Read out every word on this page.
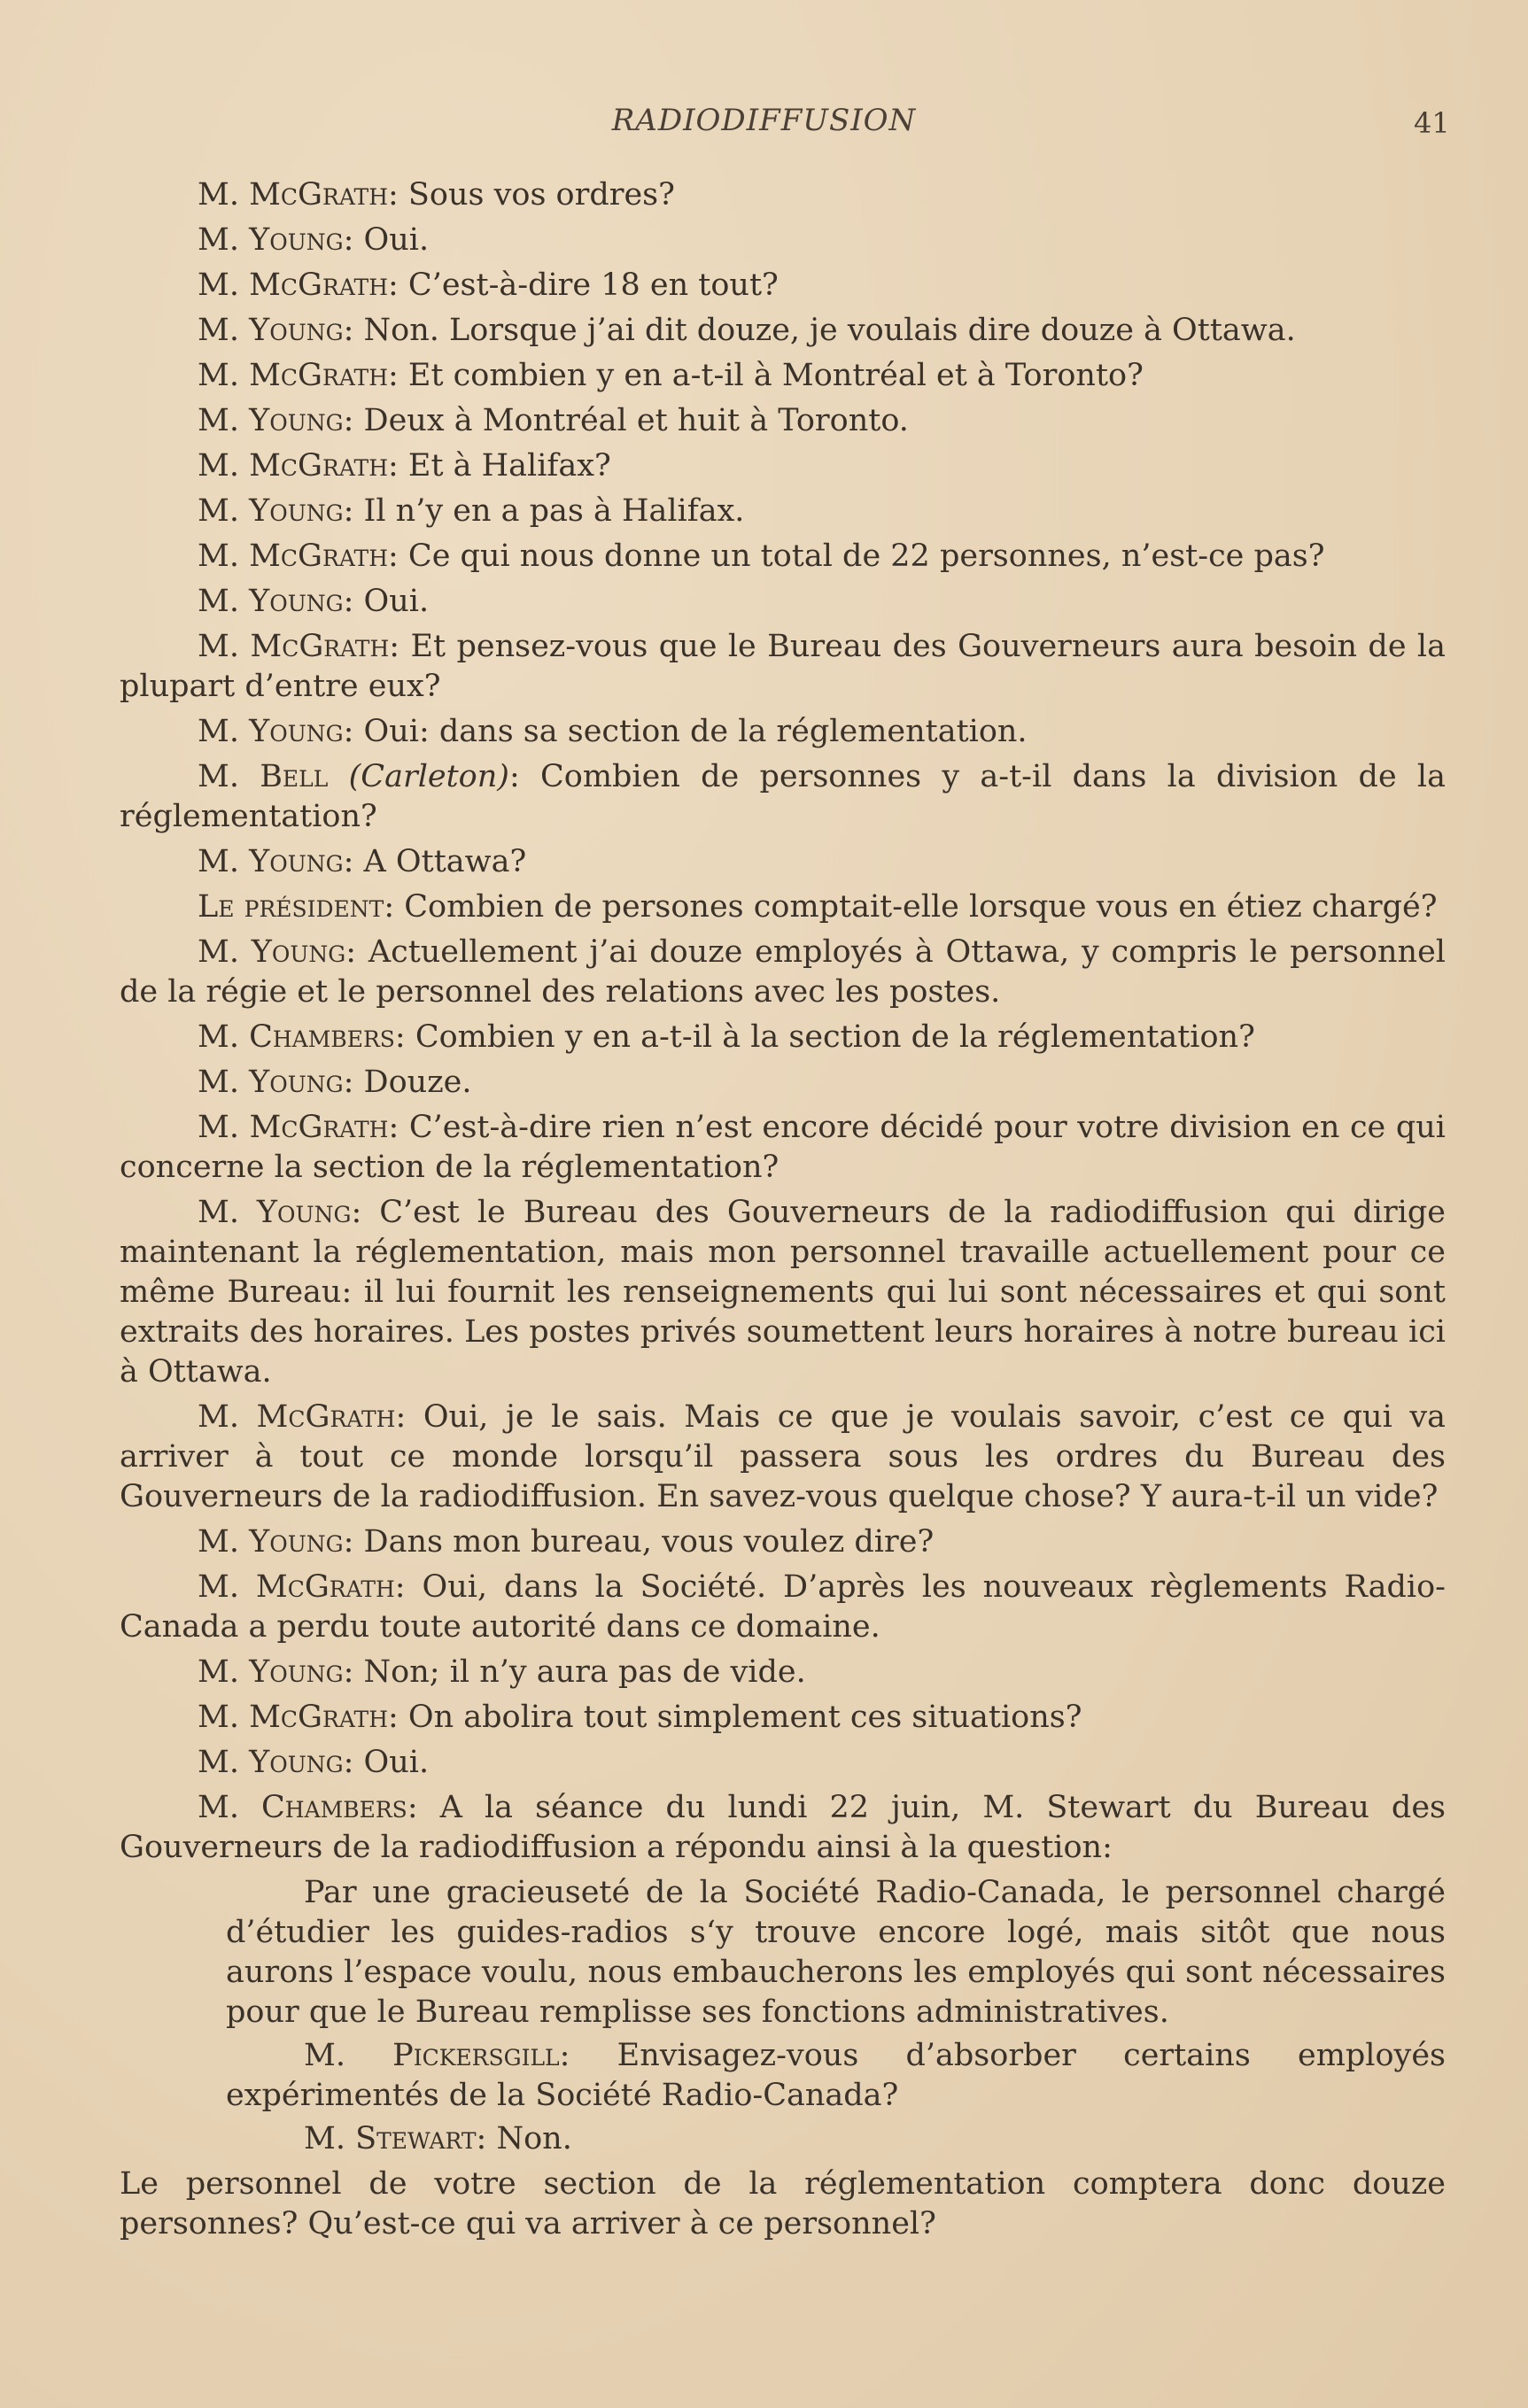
RADIODIFFUSION	41

M. McGrath: Sous vos ordres?

M. Young: Oui.

M. McGrath: C’est-à-dire 18 en tout?

M. Young: Non. Lorsque j’ai dit douze, je voulais dire douze à Ottawa.

M. McGrath: Et combien y en a-t-il à Montréal et à Toronto?

M. Young: Deux à Montréal et huit à Toronto.

M. McGrath: Et à Halifax?

M. Young: Il n’y en a pas à Halifax.

M. McGrath: Ce qui nous donne un total de 22 personnes, n’est-ce pas?

M. Young: Oui.

M. McGrath: Et pensez-vous que le Bureau des Gouverneurs aura besoin de la plupart d’entre eux?

M. Young: Oui: dans sa section de la réglementation.

M. Bell (Carleton): Combien de personnes y a-t-il dans la division de la réglementation?

M. Young: A Ottawa?

Le président: Combien de persones comptait-elle lorsque vous en étiez chargé?

M. Young: Actuellement j’ai douze employés à Ottawa, y compris le personnel de la régie et le personnel des relations avec les postes.

M. Chambers: Combien y en a-t-il à la section de la réglementation?

M. Young: Douze.

M. McGrath: C’est-à-dire rien n’est encore décidé pour votre division en ce qui concerne la section de la réglementation?

M. Young: C’est le Bureau des Gouverneurs de la radiodiffusion qui dirige maintenant la réglementation, mais mon personnel travaille actuellement pour ce même Bureau: il lui fournit les renseignements qui lui sont nécessaires et qui sont extraits des horaires. Les postes privés soumettent leurs horaires à notre bureau ici à Ottawa.

M. McGrath: Oui, je le sais. Mais ce que je voulais savoir, c’est ce qui va arriver à tout ce monde lorsqu’il passera sous les ordres du Bureau des Gouverneurs de la radiodiffusion. En savez-vous quelque chose? Y aura-t-il un vide?

M. Young: Dans mon bureau, vous voulez dire?

M. McGrath: Oui, dans la Société. D’après les nouveaux règlements Radio-Canada a perdu toute autorité dans ce domaine.

M. Young: Non; il n’y aura pas de vide.

M. McGrath: On abolira tout simplement ces situations?

M. Young: Oui.

M. Chambers: A la séance du lundi 22 juin, M. Stewart du Bureau des Gouverneurs de la radiodiffusion a répondu ainsi à la question:

Par une gracieuseté de la Société Radio-Canada, le personnel chargé d’étudier les guides-radios s‘y trouve encore logé, mais sitôt que nous aurons l’espace voulu, nous embaucherons les employés qui sont nécessaires pour que le Bureau remplisse ses fonctions administratives.

M. Pickersgill: Envisagez-vous d’absorber certains employés expérimentés de la Société Radio-Canada?

M. Stewart: Non.

Le personnel de votre section de la réglementation comptera donc douze personnes? Qu’est-ce qui va arriver à ce personnel?
